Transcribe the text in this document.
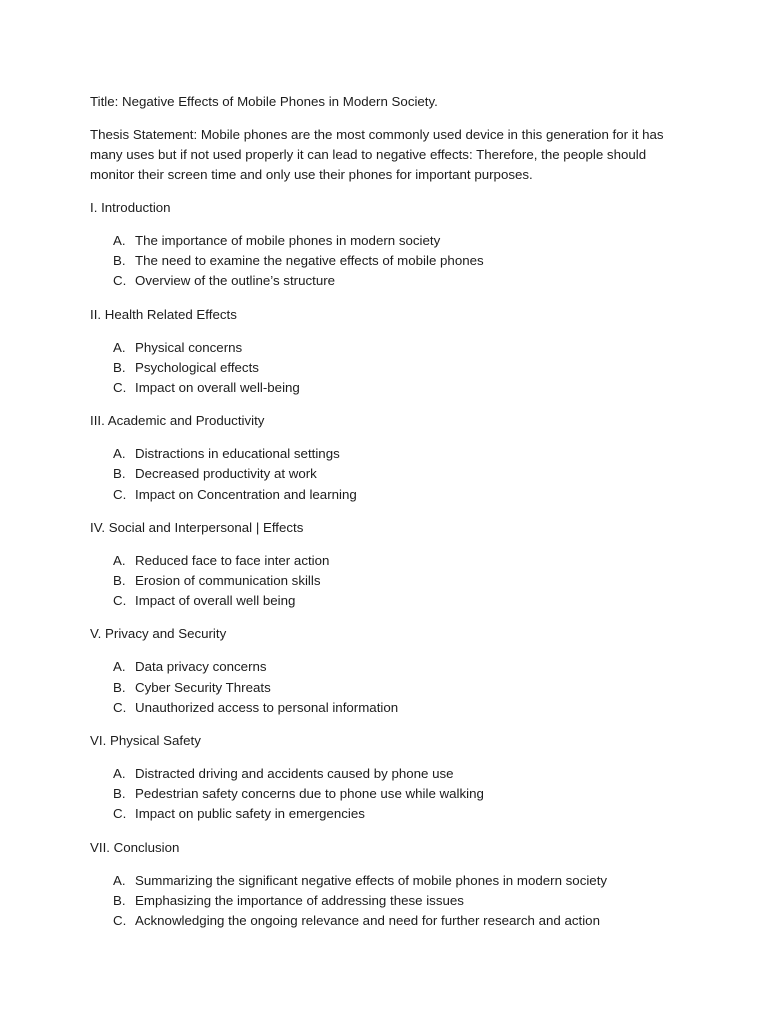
Title: Negative Effects of Mobile Phones in Modern Society.

Thesis Statement: Mobile phones are the most commonly used device in this generation for it has many uses but if not used properly it can lead to negative effects: Therefore, the people should monitor their screen time and only use their phones for important purposes.

I. Introduction

A. The importance of mobile phones in modern society
B. The need to examine the negative effects of mobile phones
C. Overview of the outline’s structure

II. Health Related Effects

A. Physical concerns
B. Psychological effects
C. Impact on overall well-being

III. Academic and Productivity

A. Distractions in educational settings
B. Decreased productivity at work
C. Impact on Concentration and learning

IV. Social and Interpersonal | Effects

A. Reduced face to face inter action
B. Erosion of communication skills
C. Impact of overall well being

V. Privacy and Security

A. Data privacy concerns
B. Cyber Security Threats
C. Unauthorized access to personal information

VI. Physical Safety

A. Distracted driving and accidents caused by phone use
B. Pedestrian safety concerns due to phone use while walking
C. Impact on public safety in emergencies

VII. Conclusion

A. Summarizing the significant negative effects of mobile phones in modern society
B. Emphasizing the importance of addressing these issues
C. Acknowledging the ongoing relevance and need for further research and action
